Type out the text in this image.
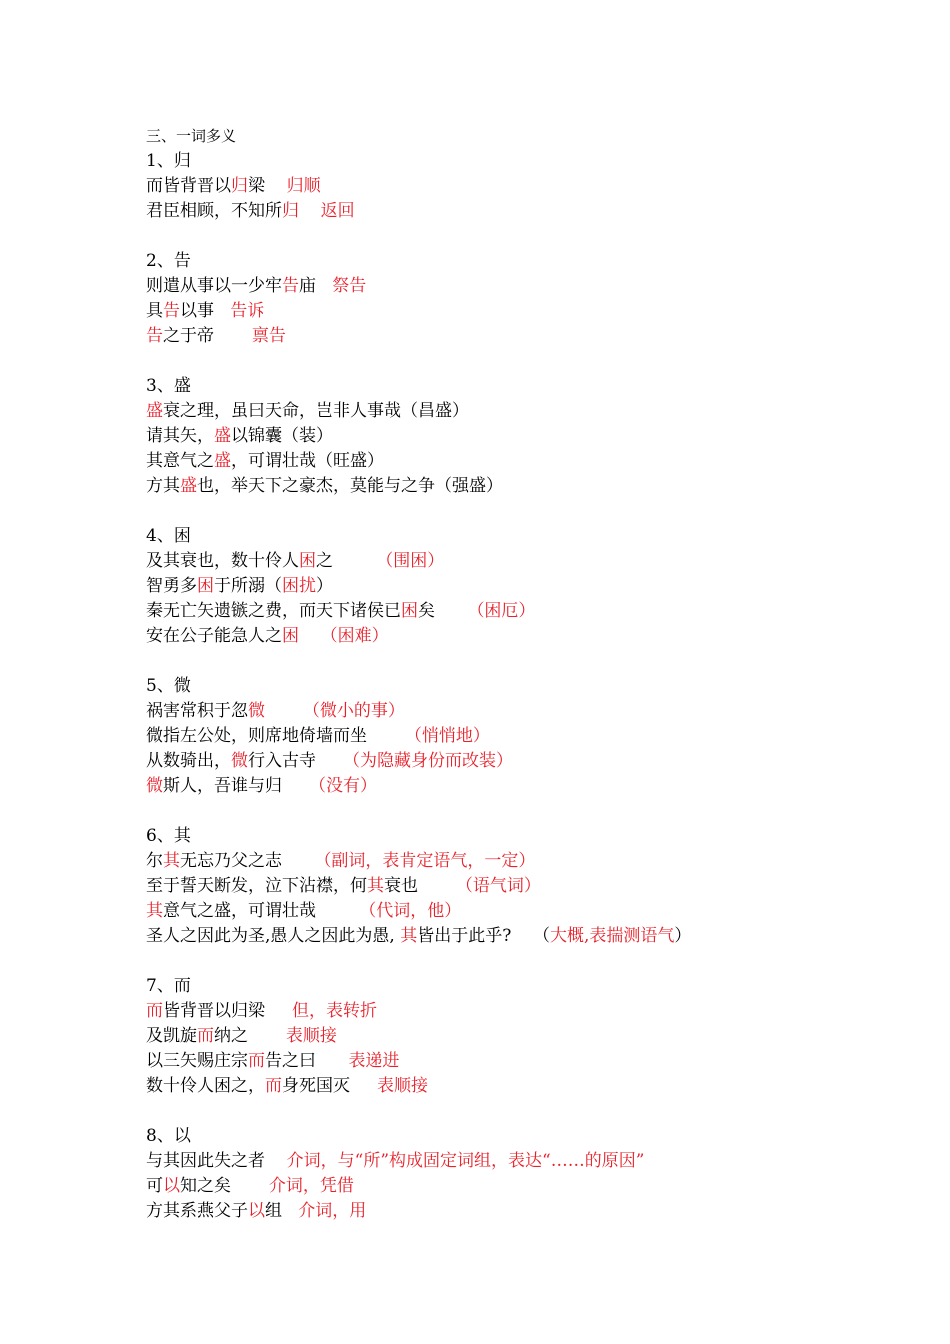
三、一词多义
1、归
而皆背晋以归梁    归顺
君臣相顾，不知所归 返回
2、告
则遣从事以一少牢告庙   祭告
具告以事   告诉
告之于帝       禀告
3、盛
盛衰之理，虽曰天命，岂非人事哉（昌盛）
请其矢，盛以锦囊（装）
其意气之盛，可谓壮哉（旺盛）
方其盛也，举天下之豪杰，莫能与之争（强盛）
4、困
及其衰也，数十伶人困之        （围困）
智勇多困于所溺（困扰）
秦无亡矢遗镞之费，而天下诸侯已困矣      （困厄）
安在公子能急人之困 （困难）
5、微
祸害常积于忽微 （微小的事）
微指左公处，则席地倚墙而坐       （悄悄地）
从数骑出，微行入古寺     （为隐藏身份而改装）
微斯人，吾谁与归     （没有）
6、其
尔其无忘乃父之志      （副词，表肯定语气，一定）
至于誓天断发，泣下沾襟，何其衰也       （语气词）
其意气之盛，可谓壮哉        （代词，他）
圣人之因此为圣,愚人之因此为愚, 其皆出于此乎?    （大概,表揣测语气）
7、而
而皆背晋以归梁     但，表转折
及凯旋而纳之       表顺接
以三矢赐庄宗而告之曰      表递进
数十伶人困之，而身死国灭     表顺接
8、以
与其因此失之者    介词，与“所”构成固定词组，表达“……的原因”
可以知之矣       介词，凭借
方其系燕父子以组   介词，用
